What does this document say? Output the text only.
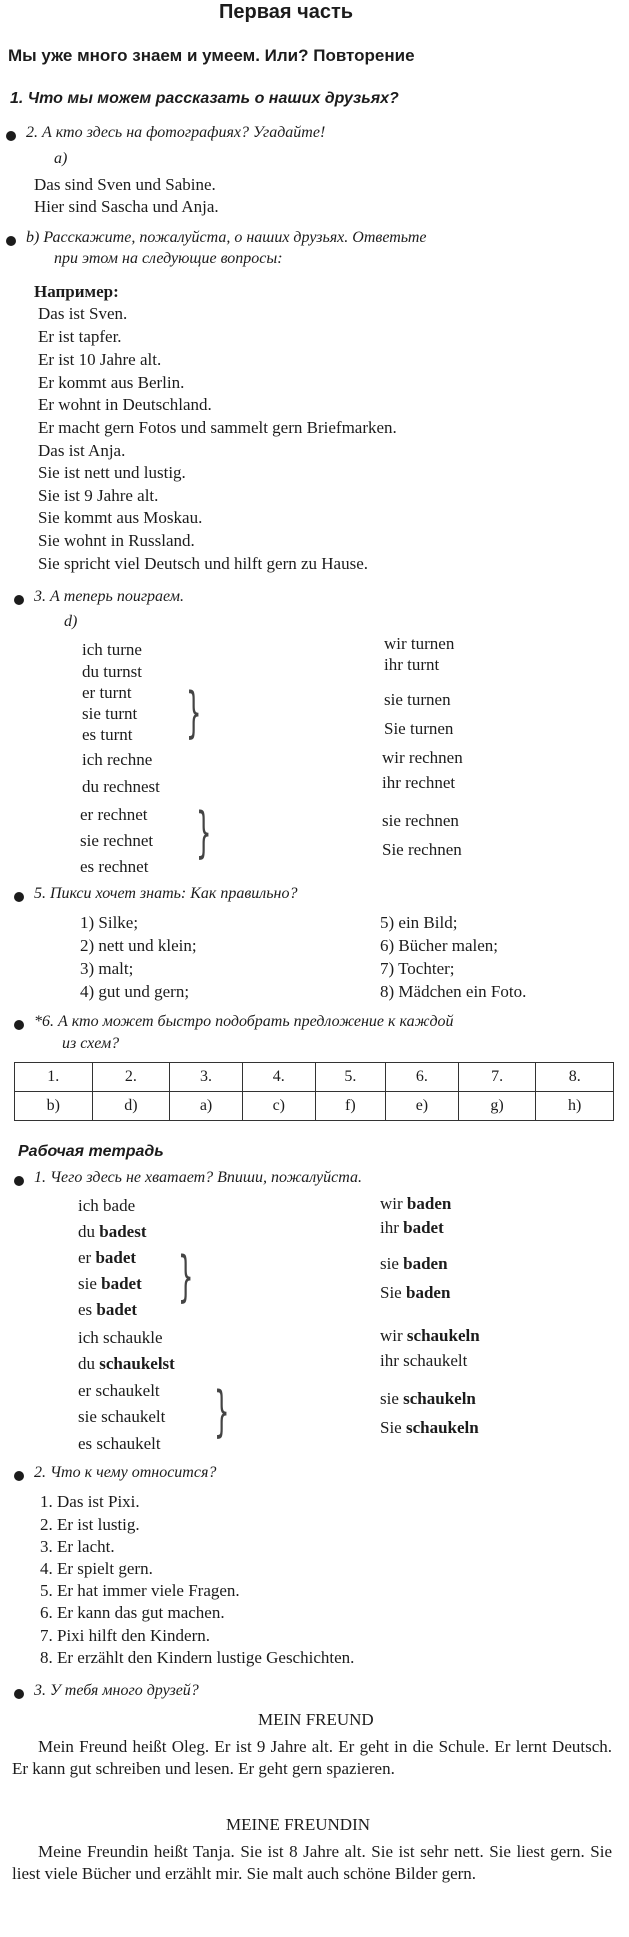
Первая часть
Мы уже много знаем и умеем. Или? Повторение
1. Что мы можем рассказать о наших друзьях?
2. А кто здесь на фотографиях? Угадайте!
а)
Das sind Sven und Sabine.
Hier sind Sascha und Anja.
b) Расскажите, пожалуйста, о наших друзьях. Ответьте
при этом на следующие вопросы:
Например:
Das ist Sven.
Er ist tapfer.
Er ist 10 Jahre alt.
Er kommt aus Berlin.
Er wohnt in Deutschland.
Er macht gern Fotos und sammelt gern Briefmarken.
Das ist Anja.
Sie ist nett und lustig.
Sie ist 9 Jahre alt.
Sie kommt aus Moskau.
Sie wohnt in Russland.
Sie spricht viel Deutsch und hilft gern zu Hause.
3. А теперь поиграем.
d)
ich turne
du turnst
er turnt
sie turnt
es turnt }
wir turnen
ihr turnt
sie turnen
Sie turnen
ich rechne
du rechnest
er rechnet
sie rechnet
es rechnet
}
wir rechnen
ihr rechnet
sie rechnen
Sie rechnen
5. Пикси хочет знать: Как правильно?
1) Silke;
2) nett und klein;
3) malt;
4) gut und gern;
5) ein Bild;
6) Bücher malen;
7) Tochter;
8) Mädchen ein Foto.
*6. А кто может быстро подобрать предложение к каждой
из схем?
1.	2.	3.	4.	5.	6.	7.	8.
b)	d)	a)	c)	f)	e)	g)	h)
Рабочая тетрадь
1. Чего здесь не хватает? Впиши, пожалуйста.
ich bade
du badest
er badet
sie badet
es badet
}
wir baden
ihr badet
sie baden
Sie baden
ich schaukle
du schaukelst
er schaukelt
sie schaukelt
es schaukelt
}
wir schaukeln
ihr schaukelt
sie schaukeln
Sie schaukeln
2. Что к чему относится?
1. Das ist Pixi.
2. Er ist lustig.
3. Er lacht.
4. Er spielt gern.
5. Er hat immer viele Fragen.
6. Er kann das gut machen.
7. Pixi hilft den Kindern.
8. Er erzählt den Kindern lustige Geschichten.
3. У тебя много друзей?
MEIN FREUND
Mein Freund heißt Oleg. Er ist 9 Jahre alt. Er geht in die Schule. Er lernt Deutsch. Er kann gut schreiben und lesen. Er geht gern spazieren.
MEINE FREUNDIN
Meine Freundin heißt Tanja. Sie ist 8 Jahre alt. Sie ist sehr nett. Sie liest gern. Sie liest viele Bücher und erzählt mir. Sie malt auch schöne Bilder gern.
